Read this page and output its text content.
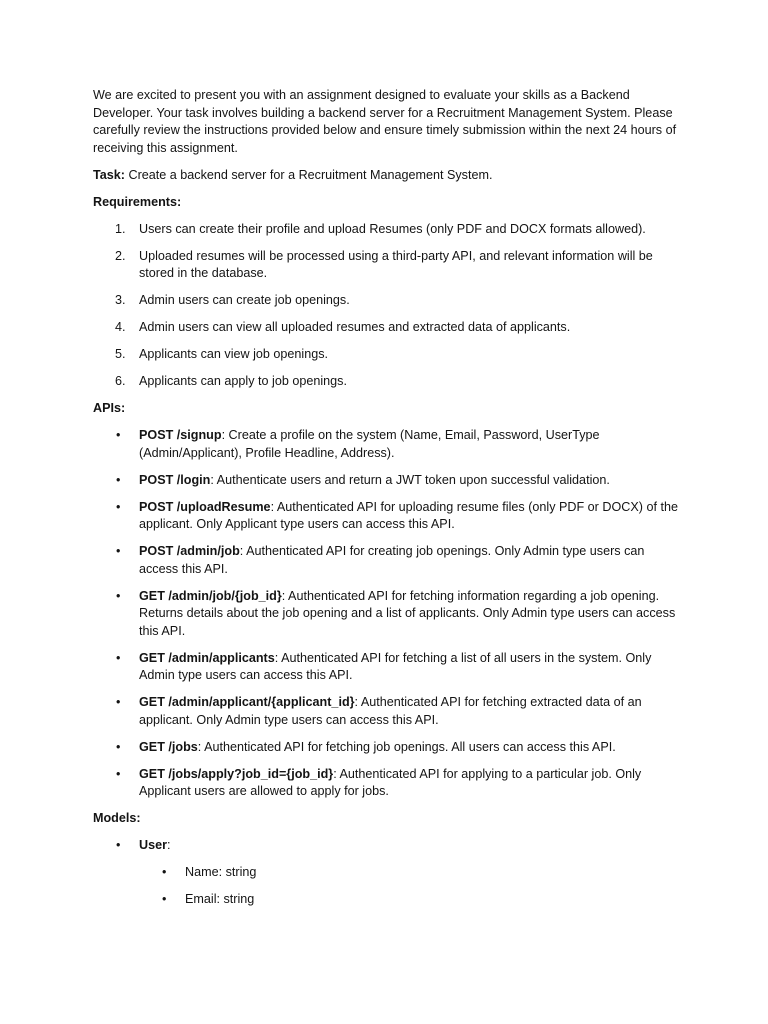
We are excited to present you with an assignment designed to evaluate your skills as a Backend Developer. Your task involves building a backend server for a Recruitment Management System. Please carefully review the instructions provided below and ensure timely submission within the next 24 hours of receiving this assignment.

Task: Create a backend server for a Recruitment Management System.

Requirements:

1. Users can create their profile and upload Resumes (only PDF and DOCX formats allowed).
2. Uploaded resumes will be processed using a third-party API, and relevant information will be stored in the database.
3. Admin users can create job openings.
4. Admin users can view all uploaded resumes and extracted data of applicants.
5. Applicants can view job openings.
6. Applicants can apply to job openings.

APIs:

• POST /signup: Create a profile on the system (Name, Email, Password, UserType (Admin/Applicant), Profile Headline, Address).
• POST /login: Authenticate users and return a JWT token upon successful validation.
• POST /uploadResume: Authenticated API for uploading resume files (only PDF or DOCX) of the applicant. Only Applicant type users can access this API.
• POST /admin/job: Authenticated API for creating job openings. Only Admin type users can access this API.
• GET /admin/job/{job_id}: Authenticated API for fetching information regarding a job opening. Returns details about the job opening and a list of applicants. Only Admin type users can access this API.
• GET /admin/applicants: Authenticated API for fetching a list of all users in the system. Only Admin type users can access this API.
• GET /admin/applicant/{applicant_id}: Authenticated API for fetching extracted data of an applicant. Only Admin type users can access this API.
• GET /jobs: Authenticated API for fetching job openings. All users can access this API.
• GET /jobs/apply?job_id={job_id}: Authenticated API for applying to a particular job. Only Applicant users are allowed to apply for jobs.

Models:

• User:
• Name: string
• Email: string
